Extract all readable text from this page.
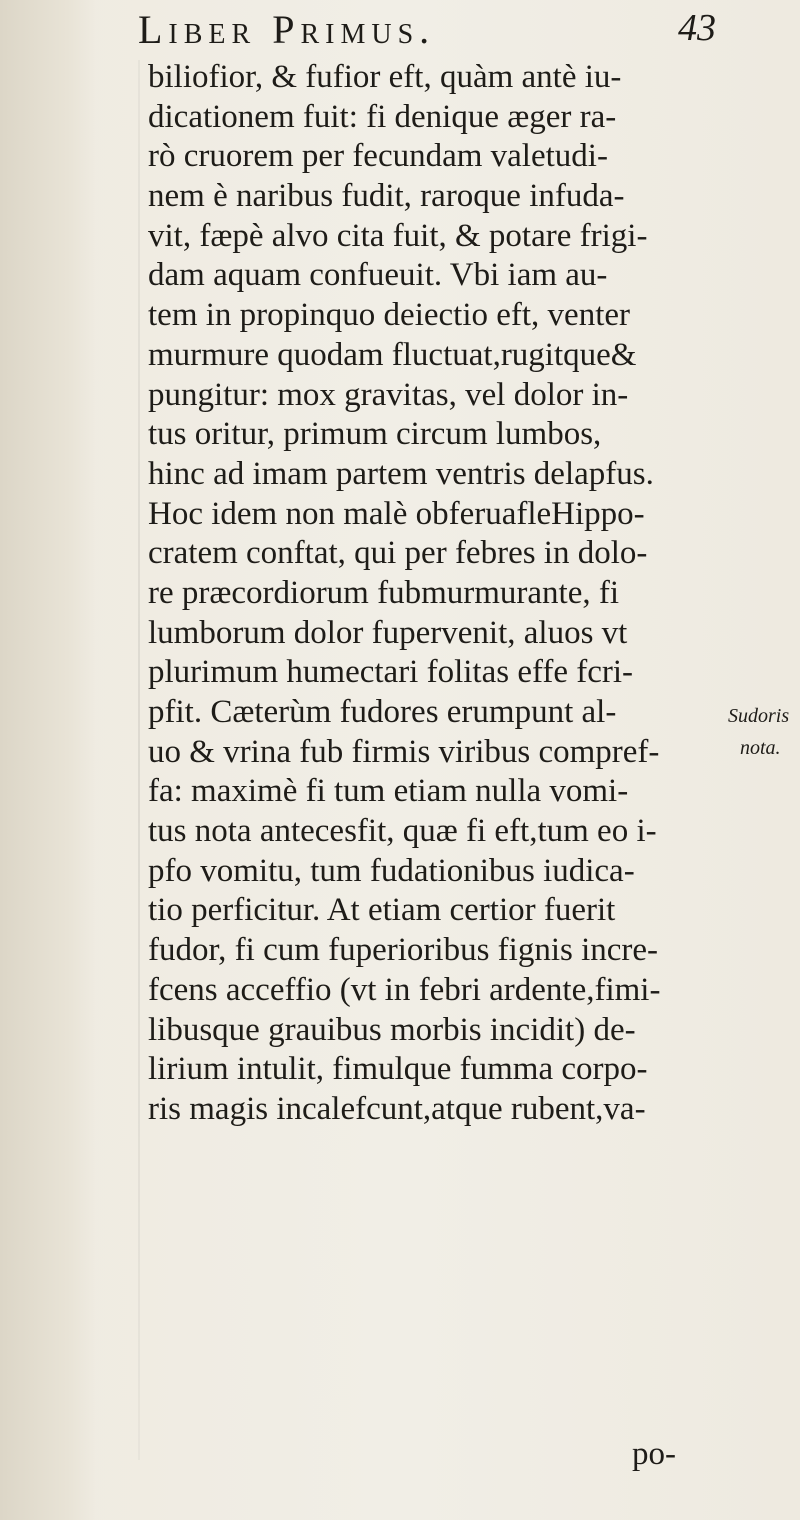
Liber Primus.	43
biliofior, & fufior eft, quàm antè iu-
dicationem fuit: fi denique æger ra-
rò cruorem per fecundam valetudi-
nem è naribus fudit, raroque infuda-
vit, fæpè alvo cita fuit, & potare frigi-
dam aquam confueuit. Vbi iam au-
tem in propinquo deiectio eft, venter
murmure quodam fluctuat,rugitque&
pungitur: mox gravitas, vel dolor in-
tus oritur, primum circum lumbos,
hinc ad imam partem ventris delapfus.
Hoc idem non malè obferuafleHippo-
cratem conftat, qui per febres in dolo-
re præcordiorum fubmurmurante, fi
lumborum dolor fupervenit, aluos vt
plurimum humectari folitas effe fcri-
pfit. Cæterùm fudores erumpunt al-
uo & vrina fub firmis viribus compref-
fa: maximè fi tum etiam nulla vomi-
tus nota antecesfit, quæ fi eft,tum eo i-
pfo vomitu, tum fudationibus iudica-
tio perficitur. At etiam certior fuerit
fudor, fi cum fuperioribus fignis incre-
fcens acceffio (vt in febri ardente,fimi-
libusque grauibus morbis incidit) de-
lirium intulit, fimulque fumma corpo-
ris magis incalefcunt,atque rubent,va-
Sudoris
nota.
po-
